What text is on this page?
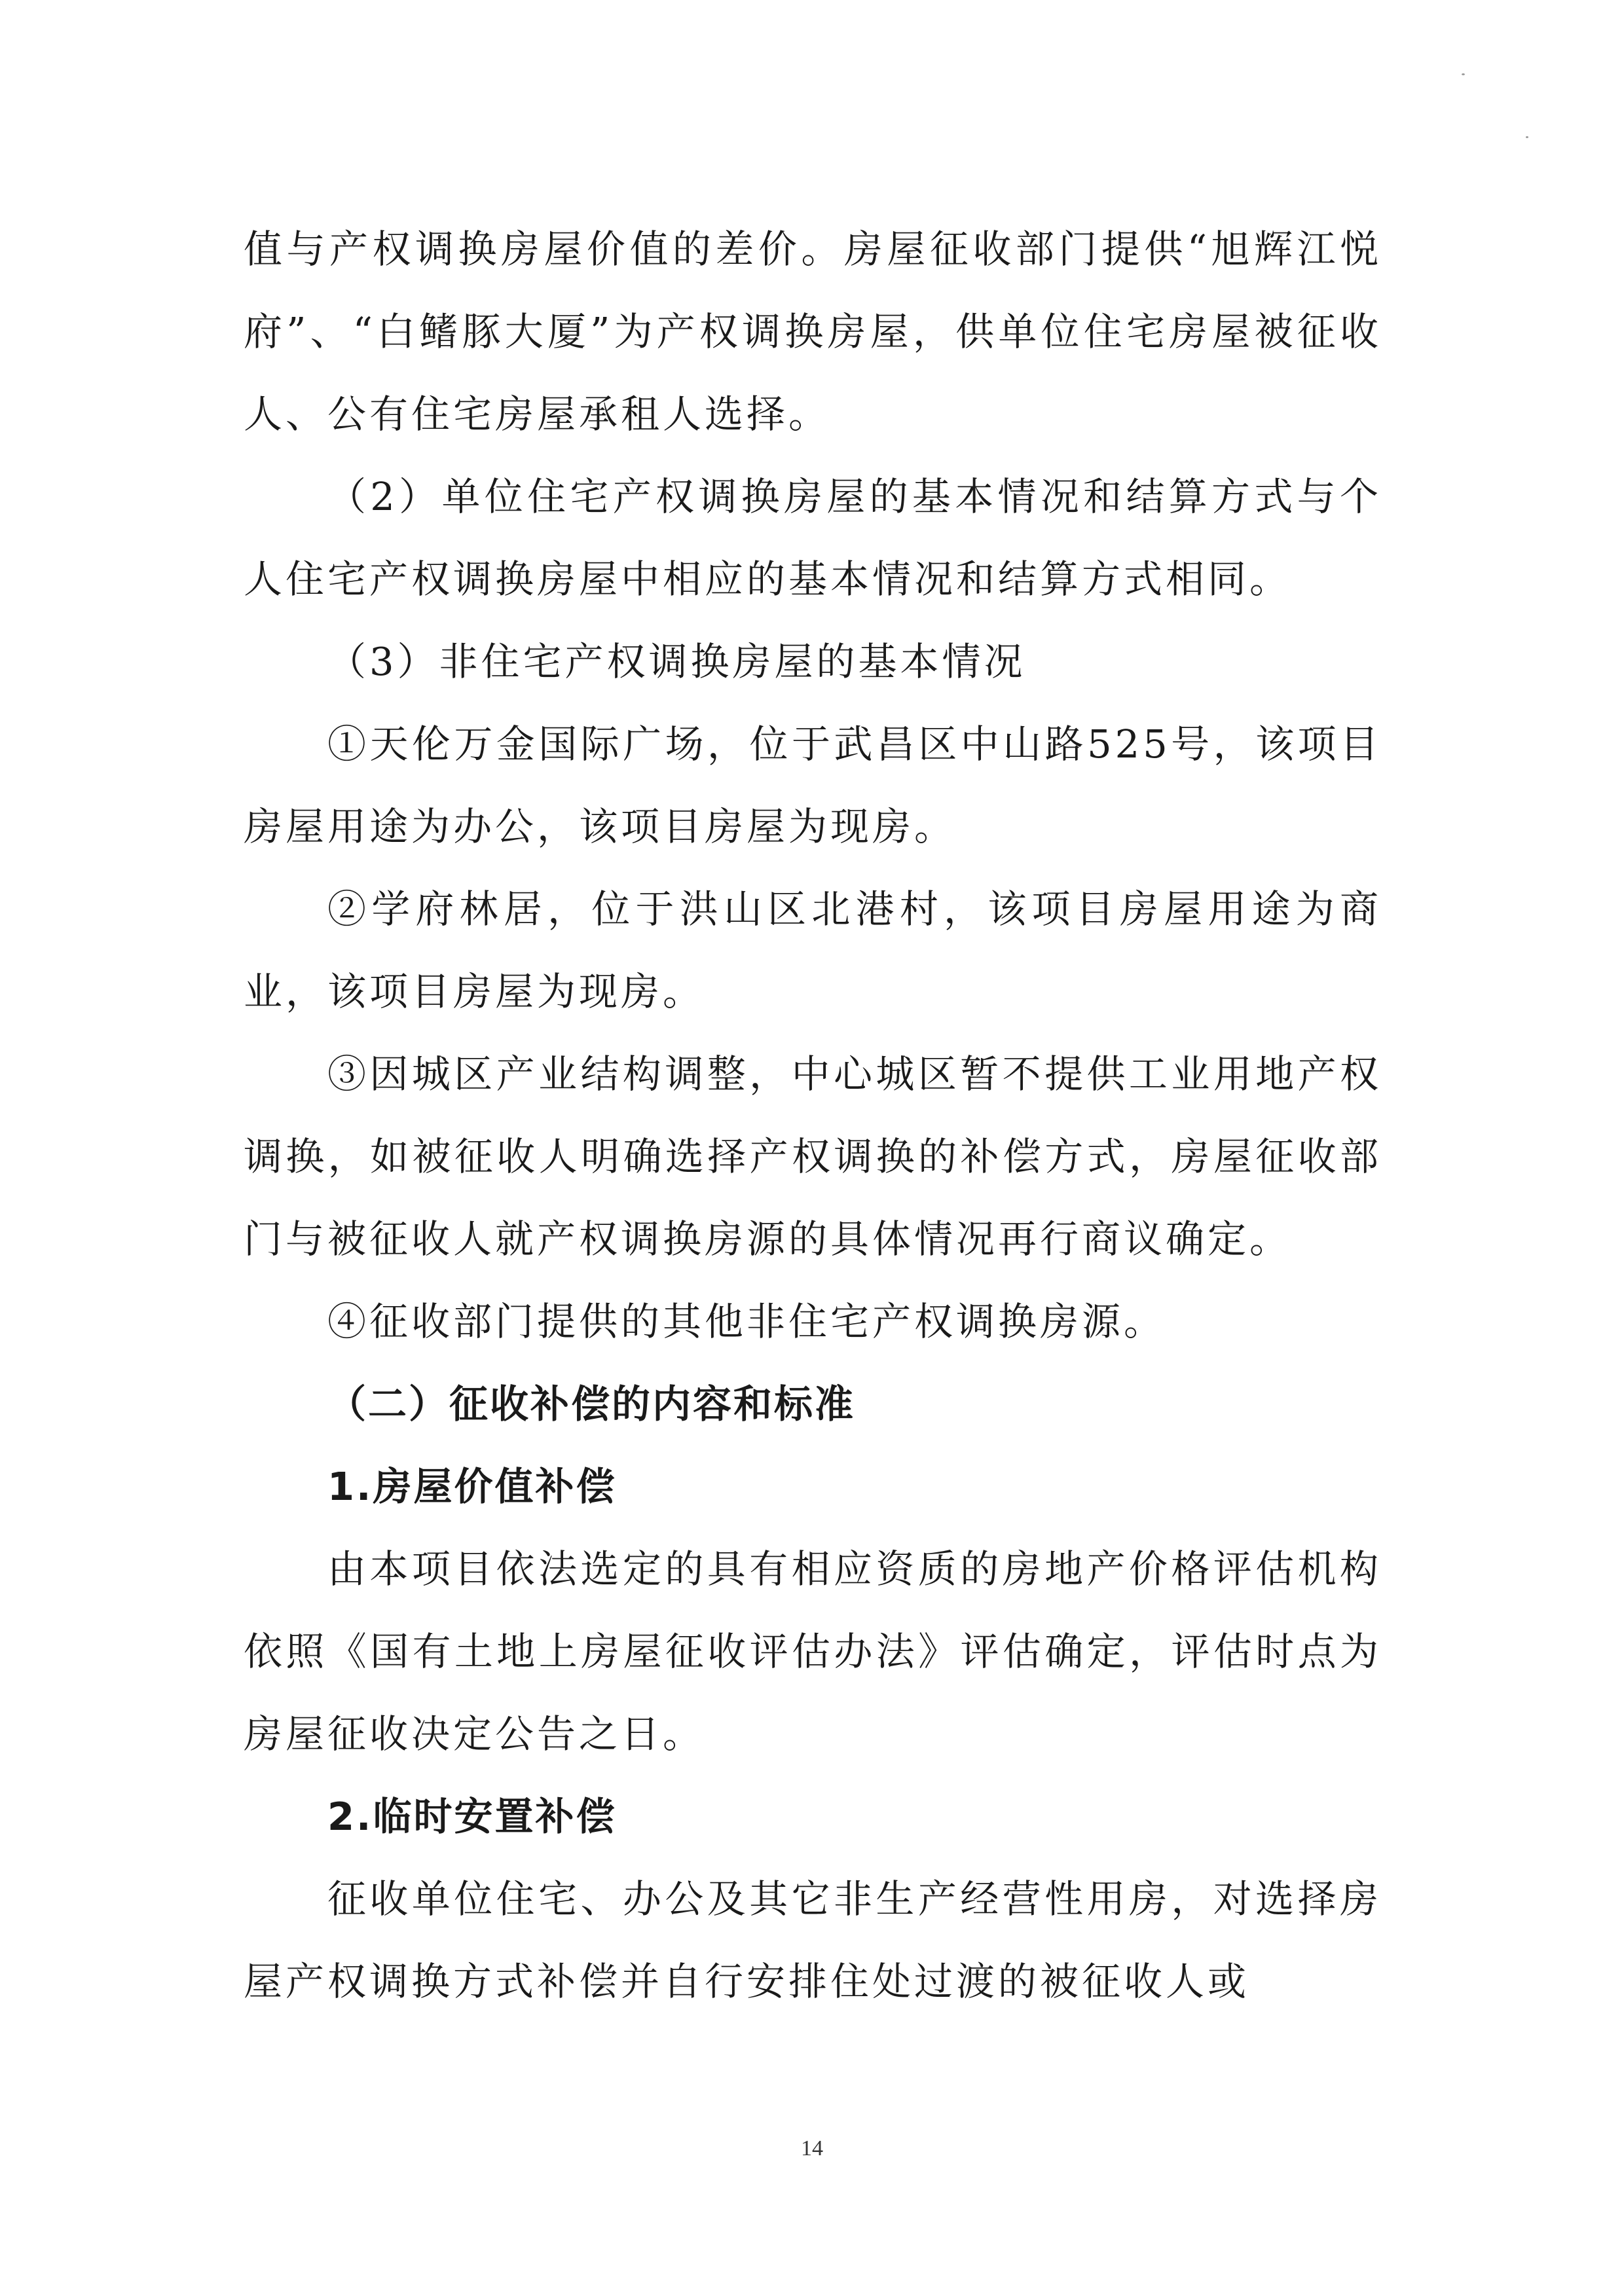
值与产权调换房屋价值的差价。房屋征收部门提供“旭辉江悦府”、“白鳍豚大厦”为产权调换房屋，供单位住宅房屋被征收人、公有住宅房屋承租人选择。

（2）单位住宅产权调换房屋的基本情况和结算方式与个人住宅产权调换房屋中相应的基本情况和结算方式相同。

（3）非住宅产权调换房屋的基本情况

①天伦万金国际广场，位于武昌区中山路525号，该项目房屋用途为办公，该项目房屋为现房。

②学府林居，位于洪山区北港村，该项目房屋用途为商业，该项目房屋为现房。

③因城区产业结构调整，中心城区暂不提供工业用地产权调换，如被征收人明确选择产权调换的补偿方式，房屋征收部门与被征收人就产权调换房源的具体情况再行商议确定。

④征收部门提供的其他非住宅产权调换房源。

（二）征收补偿的内容和标准

1.房屋价值补偿

由本项目依法选定的具有相应资质的房地产价格评估机构依照《国有土地上房屋征收评估办法》评估确定，评估时点为房屋征收决定公告之日。

2.临时安置补偿

征收单位住宅、办公及其它非生产经营性用房，对选择房屋产权调换方式补偿并自行安排住处过渡的被征收人或

14
